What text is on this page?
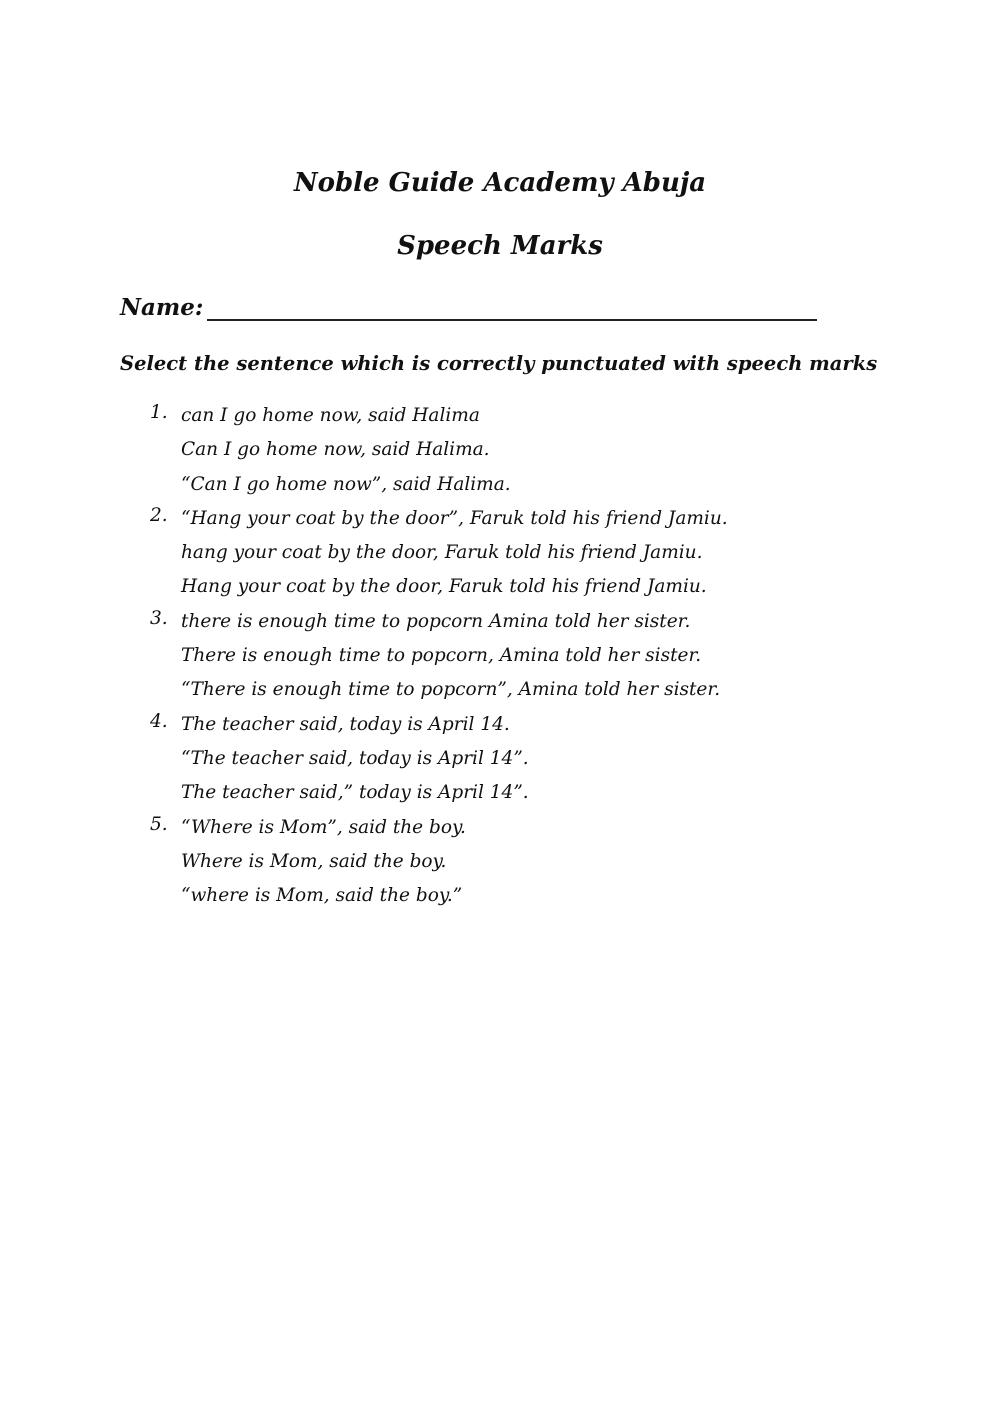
Noble Guide Academy Abuja
Speech Marks
Name:
Select the sentence which is correctly punctuated with speech marks
1. can I go home now, said Halima
Can I go home now, said Halima.
“Can I go home now”, said Halima.
2. “Hang your coat by the door”, Faruk told his friend Jamiu.
hang your coat by the door, Faruk told his friend Jamiu.
Hang your coat by the door, Faruk told his friend Jamiu.
3. there is enough time to popcorn Amina told her sister.
There is enough time to popcorn, Amina told her sister.
“There is enough time to popcorn”, Amina told her sister.
4. The teacher said, today is April 14.
“The teacher said, today is April 14”.
The teacher said,” today is April 14”.
5. “Where is Mom”, said the boy.
Where is Mom, said the boy.
“where is Mom, said the boy.”
